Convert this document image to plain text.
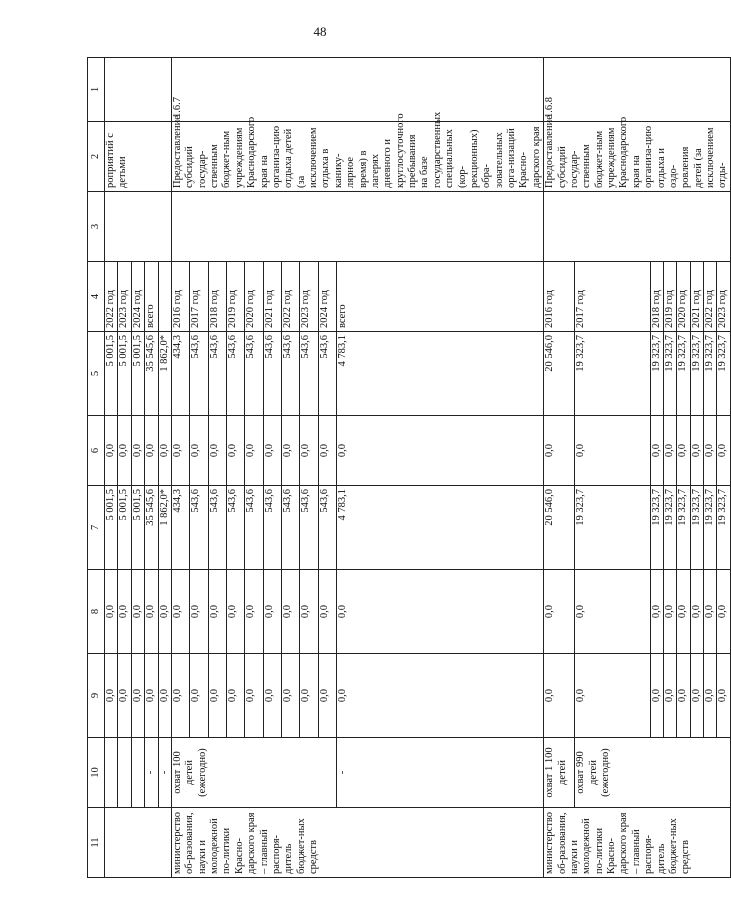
48
11	10	9	8	7	6	5	4	3	2	1
		0,0	0,0	5 001,5	0,0	5 001,5	2022 год		роприятий с детьми	
		0,0	0,0	5 001,5	0,0	5 001,5	2023 год			
		0,0	0,0	5 001,5	0,0	5 001,5	2024 год			
	-	0,0	0,0	35 545,6	0,0	35 545,6	всего			
	-	0,0	0,0	1 862,0*	0,0	1 862,0*				
министерство об-разования, науки и молодежной по-литики Красно-дарского края – главный распоря-дитель бюджет-ных средств	охват 100 детей (ежегодно)	0,0	0,0	434,3	0,0	434,3	2016 год		Предоставление субсидий государ-ственным бюджет-ным учреждениям Краснодарского края на организа-цию отдыха детей (за исключением отдыха в канику-лярное время) в лагерях дневного и круглосуточного пребывания на базе государственных специальных (кор-рекционных) обра-зовательных орга-низаций Красно-дарского края	1.6.7
		0,0	0,0	543,6	0,0	543,6	2017 год			
		0,0	0,0	543,6	0,0	543,6	2018 год			
		0,0	0,0	543,6	0,0	543,6	2019 год			
		0,0	0,0	543,6	0,0	543,6	2020 год			
		0,0	0,0	543,6	0,0	543,6	2021 год			
		0,0	0,0	543,6	0,0	543,6	2022 год			
		0,0	0,0	543,6	0,0	543,6	2023 год			
		0,0	0,0	543,6	0,0	543,6	2024 год			
	-	0,0	0,0	4 783,1	0,0	4 783,1	всего			
министерство об-разования, науки и молодежной по-литики Красно-дарского края – главный распоря-дитель бюджет-ных средств	охват 1 100 детей	0,0	0,0	20 546,0	0,0	20 546,0	2016 год		Предоставление субсидий государ-ственным бюджет-ным учреждениям Краснодарского края на организа-цию отдыха и оздо-ровления детей (за исключением отды-	1.6.8
	охват 990 детей (ежегодно)	0,0	0,0	19 323,7	0,0	19 323,7	2017 год			
		0,0	0,0	19 323,7	0,0	19 323,7	2018 год			
		0,0	0,0	19 323,7	0,0	19 323,7	2019 год			
		0,0	0,0	19 323,7	0,0	19 323,7	2020 год			
		0,0	0,0	19 323,7	0,0	19 323,7	2021 год			
		0,0	0,0	19 323,7	0,0	19 323,7	2022 год			
		0,0	0,0	19 323,7	0,0	19 323,7	2023 год			
